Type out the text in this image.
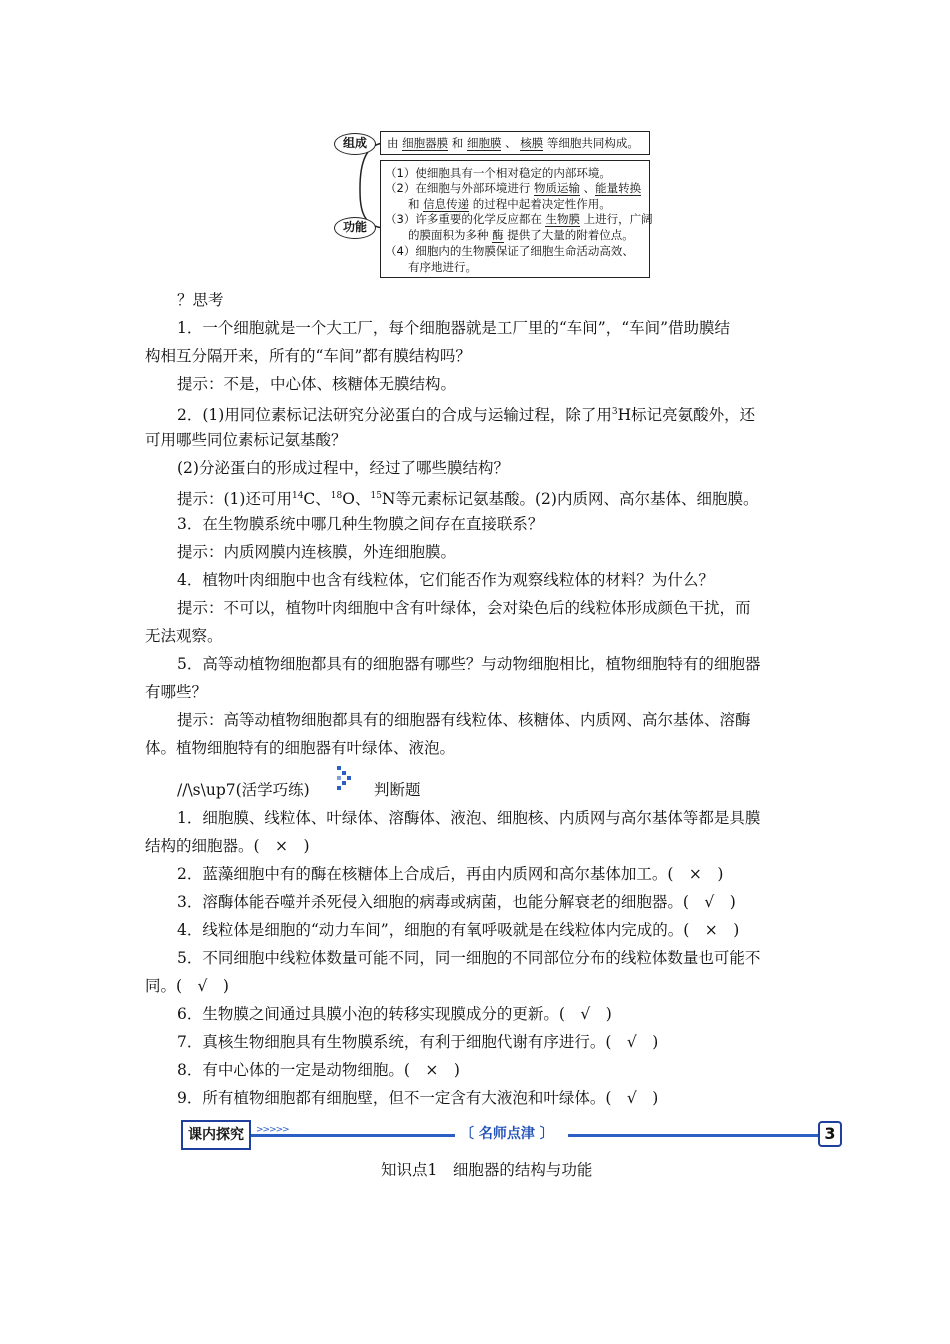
组成
功能
由 细胞器膜 和 细胞膜 、 核膜 等细胞共同构成。
（1）使细胞具有一个相对稳定的内部环境。
（2）在细胞与外部环境进行 物质运输 、能量转换
　　和 信息传递 的过程中起着决定性作用。
（3）许多重要的化学反应都在 生物膜 上进行，广阔
　　的膜面积为多种 酶 提供了大量的附着位点。
（4）细胞内的生物膜保证了细胞生命活动高效、
　　有序地进行。
？思考
1．一个细胞就是一个大工厂，每个细胞器就是工厂里的“车间”，“车间”借助膜结
构相互分隔开来，所有的“车间”都有膜结构吗？
提示：不是，中心体、核糖体无膜结构。
2．(1)用同位素标记法研究分泌蛋白的合成与运输过程，除了用$^3$H标记亮氨酸外，还
可用哪些同位素标记氨基酸？
(2)分泌蛋白的形成过程中，经过了哪些膜结构？
提示：(1)还可用$^{14}$C、$^{18}$O、$^{15}$N等元素标记氨基酸。(2)内质网、高尔基体、细胞膜。
3．在生物膜系统中哪几种生物膜之间存在直接联系？
提示：内质网膜内连核膜，外连细胞膜。
4．植物叶肉细胞中也含有线粒体，它们能否作为观察线粒体的材料？为什么？
提示：不可以，植物叶肉细胞中含有叶绿体，会对染色后的线粒体形成颜色干扰，而
无法观察。
5．高等动植物细胞都具有的细胞器有哪些？与动物细胞相比，植物细胞特有的细胞器
有哪些？
提示：高等动植物细胞都具有的细胞器有线粒体、核糖体、内质网、高尔基体、溶酶
体。植物细胞特有的细胞器有叶绿体、液泡。
//\s\up7(活学巧练)	判断题
1．细胞膜、线粒体、叶绿体、溶酶体、液泡、细胞核、内质网与高尔基体等都是具膜
结构的细胞器。(　×　)
2．蓝藻细胞中有的酶在核糖体上合成后，再由内质网和高尔基体加工。(　×　)
3．溶酶体能吞噬并杀死侵入细胞的病毒或病菌，也能分解衰老的细胞器。(　√　)
4．线粒体是细胞的“动力车间”，细胞的有氧呼吸就是在线粒体内完成的。(　×　)
5．不同细胞中线粒体数量可能不同，同一细胞的不同部位分布的线粒体数量也可能不
同。(　√　)
6．生物膜之间通过具膜小泡的转移实现膜成分的更新。(　√　)
7．真核生物细胞具有生物膜系统，有利于细胞代谢有序进行。(　√　)
8．有中心体的一定是动物细胞。(　×　)
9．所有植物细胞都有细胞壁，但不一定含有大液泡和叶绿体。(　√　)
课内探究	>>>>>	〔 名师点津 〕	3
知识点1　细胞器的结构与功能
